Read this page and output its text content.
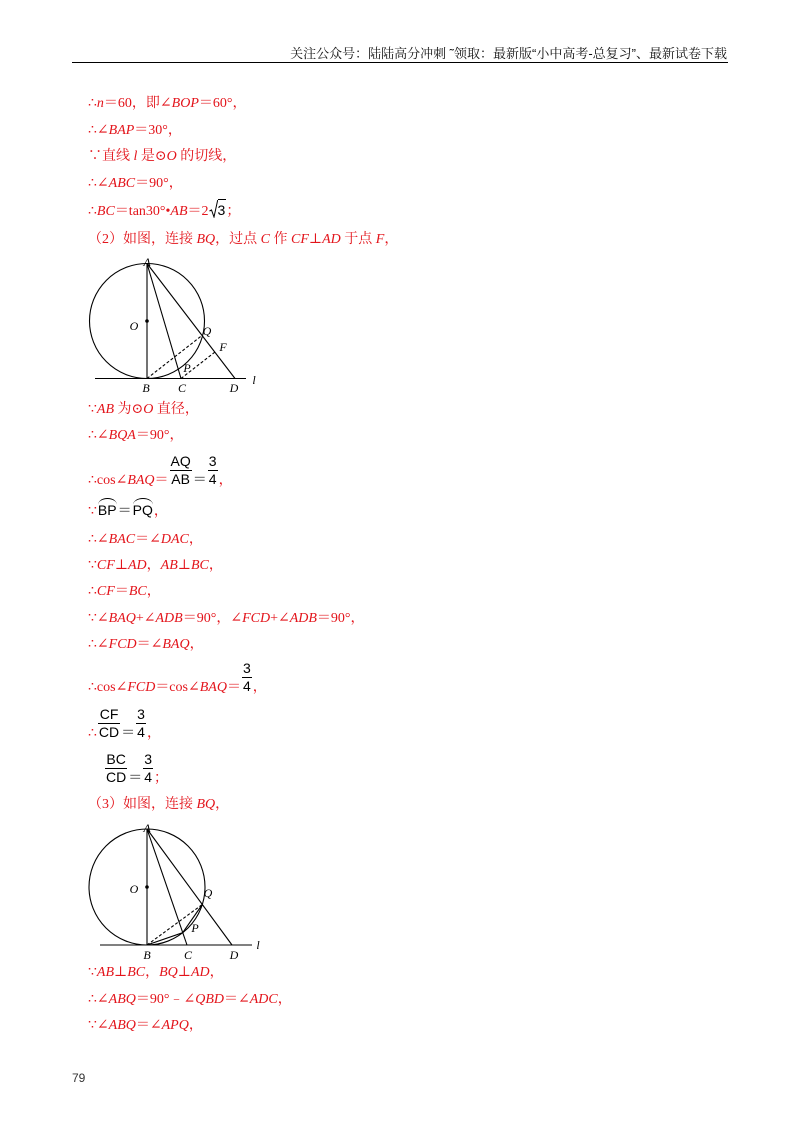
关注公众号：陆陆高分冲刺 ˜领取：最新版“小中高考-总复习”、最新试卷下载
∴n＝60，即∠BOP＝60°，
∴∠BAP＝30°，
∵直线 l 是⊙O 的切线，
∴∠ABC＝90°，
∴BC＝tan30°•AB＝2 3；
（2）如图，连接 BQ，过点 C 作 CF⊥AD 于点 F，
A
O	Q
F
P
B C	D
l
∵AB 为⊙O 直径，
∴∠BQA＝90°，
∴cos∠BAQ＝ $\frac{AQ}{AB} = \frac{3}{4}$ ，
∵BP＝PQ，
∴∠BAC＝∠DAC，
∵CF⊥AD，AB⊥BC，
∴CF＝BC，
∵∠BAQ+∠ADB＝90°，∠FCD+∠ADB＝90°，
∴∠FCD＝∠BAQ，
∴cos∠FCD＝cos∠BAQ＝ $\frac{3}{4}$ ，
∴ $\frac{CF}{CD} = \frac{3}{4}$ ，
$\frac{BC}{CD} = \frac{3}{4}$ ；
（3）如图，连接 BQ，
A
O	Q
P
B	C	D
l
∵AB⊥BC，BQ⊥AD，
∴∠ABQ＝90°﹣∠QBD＝∠ADC，
∵∠ABQ＝∠APQ，
79
